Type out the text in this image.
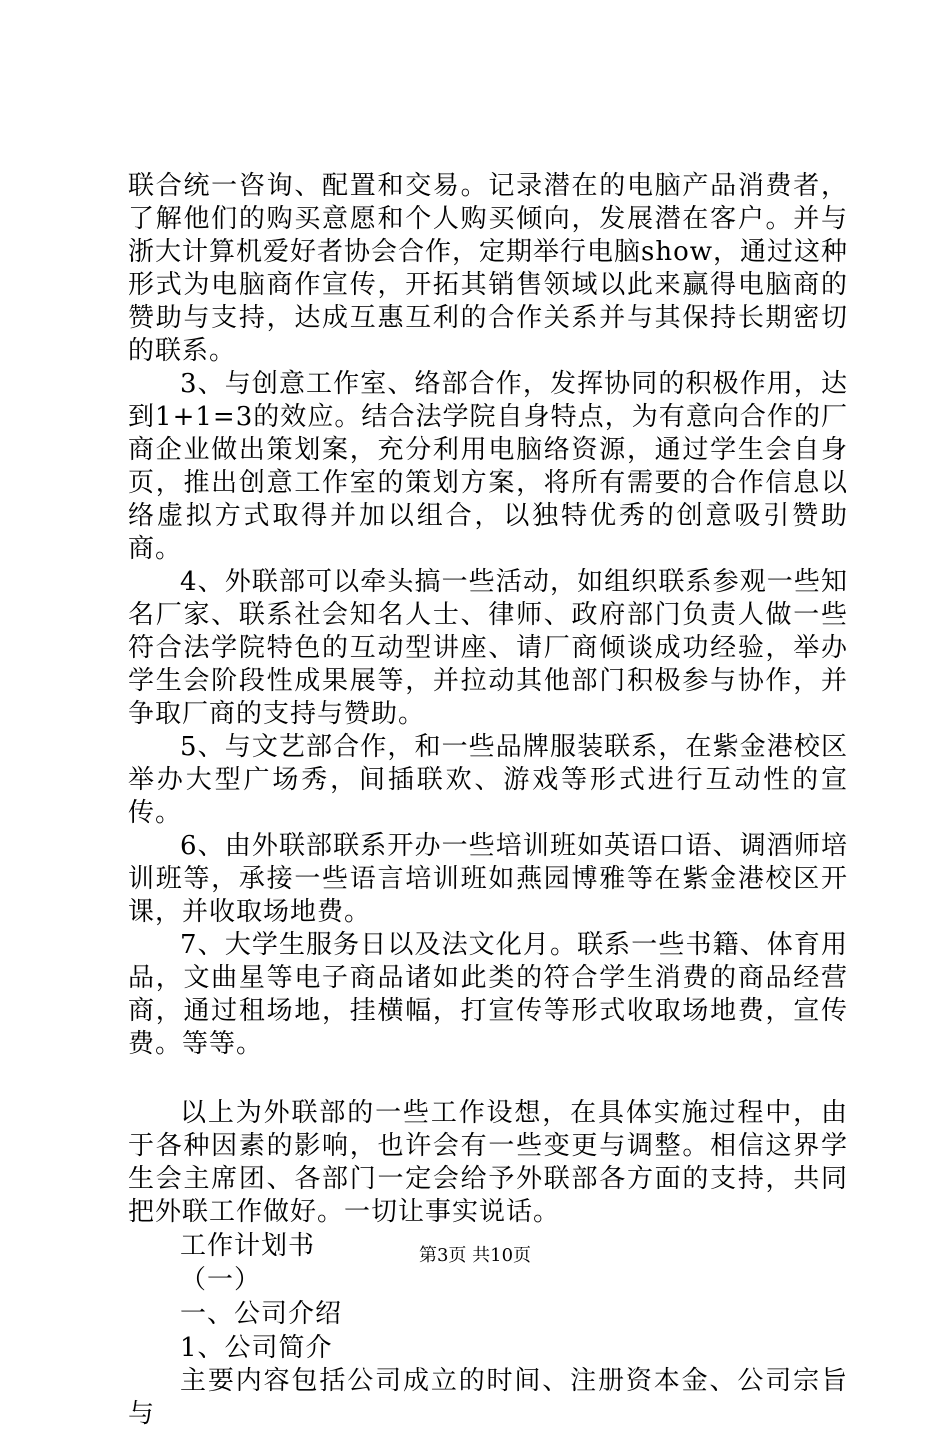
联合统一咨询、配置和交易。记录潜在的电脑产品消费者，了解他们的购买意愿和个人购买倾向，发展潜在客户。并与浙大计算机爱好者协会合作，定期举行电脑show，通过这种形式为电脑商作宣传，开拓其销售领域以此来赢得电脑商的赞助与支持，达成互惠互利的合作关系并与其保持长期密切的联系。

3、与创意工作室、络部合作，发挥协同的积极作用，达到1+1=3的效应。结合法学院自身特点，为有意向合作的厂商企业做出策划案，充分利用电脑络资源，通过学生会自身页，推出创意工作室的策划方案，将所有需要的合作信息以络虚拟方式取得并加以组合，以独特优秀的创意吸引赞助商。

4、外联部可以牵头搞一些活动，如组织联系参观一些知名厂家、联系社会知名人士、律师、政府部门负责人做一些符合法学院特色的互动型讲座、请厂商倾谈成功经验，举办学生会阶段性成果展等，并拉动其他部门积极参与协作，并争取厂商的支持与赞助。

5、与文艺部合作，和一些品牌服装联系，在紫金港校区举办大型广场秀，间插联欢、游戏等形式进行互动性的宣传。

6、由外联部联系开办一些培训班如英语口语、调酒师培训班等，承接一些语言培训班如燕园博雅等在紫金港校区开课，并收取场地费。

7、大学生服务日以及法文化月。联系一些书籍、体育用品，文曲星等电子商品诸如此类的符合学生消费的商品经营商，通过租场地，挂横幅，打宣传等形式收取场地费，宣传费。等等。

以上为外联部的一些工作设想，在具体实施过程中，由于各种因素的影响，也许会有一些变更与调整。相信这界学生会主席团、各部门一定会给予外联部各方面的支持，共同把外联工作做好。一切让事实说话。

工作计划书

（一）

一、公司介绍

1、公司简介

主要内容包括公司成立的时间、注册资本金、公司宗旨与

第3页 共10页
